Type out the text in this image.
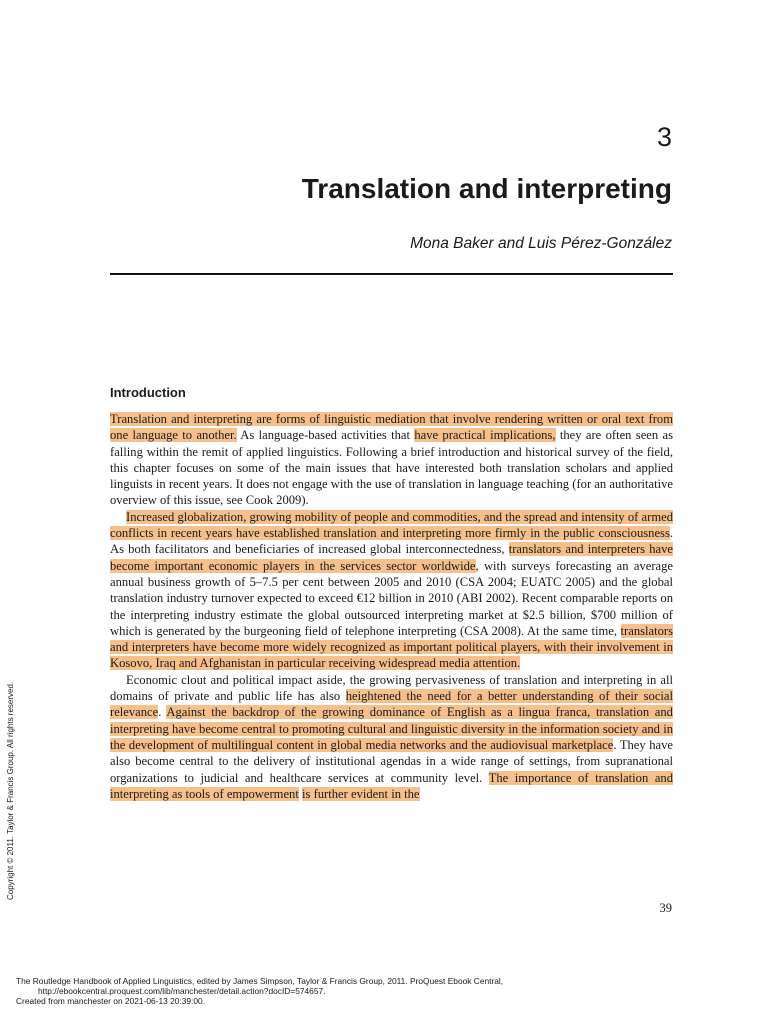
3
Translation and interpreting
Mona Baker and Luis Pérez-González
Introduction

Translation and interpreting are forms of linguistic mediation that involve rendering written or oral text from one language to another. As language-based activities that have practical implications, they are often seen as falling within the remit of applied linguistics. Following a brief introduction and historical survey of the field, this chapter focuses on some of the main issues that have interested both translation scholars and applied linguists in recent years. It does not engage with the use of translation in language teaching (for an authoritative overview of this issue, see Cook 2009).

Increased globalization, growing mobility of people and commodities, and the spread and intensity of armed conflicts in recent years have established translation and interpreting more firmly in the public consciousness. As both facilitators and beneficiaries of increased global interconnectedness, translators and interpreters have become important economic players in the services sector worldwide, with surveys forecasting an average annual business growth of 5–7.5 per cent between 2005 and 2010 (CSA 2004; EUATC 2005) and the global translation industry turnover expected to exceed €12 billion in 2010 (ABI 2002). Recent comparable reports on the interpreting industry estimate the global outsourced interpreting market at $2.5 billion, $700 million of which is generated by the burgeoning field of telephone interpreting (CSA 2008). At the same time, translators and interpreters have become more widely recognized as important political players, with their involvement in Kosovo, Iraq and Afghanistan in particular receiving widespread media attention.

Economic clout and political impact aside, the growing pervasiveness of translation and interpreting in all domains of private and public life has also heightened the need for a better understanding of their social relevance. Against the backdrop of the growing dominance of English as a lingua franca, translation and interpreting have become central to promoting cultural and linguistic diversity in the information society and in the development of multilingual content in global media networks and the audiovisual marketplace. They have also become central to the delivery of institutional agendas in a wide range of settings, from supranational organizations to judicial and healthcare services at community level. The importance of translation and interpreting as tools of empowerment is further evident in the

39
Copyright © 2011. Taylor & Francis Group. All rights reserved.
The Routledge Handbook of Applied Linguistics, edited by James Simpson, Taylor & Francis Group, 2011. ProQuest Ebook Central,
http://ebookcentral.proquest.com/lib/manchester/detail.action?docID=574657.
Created from manchester on 2021-06-13 20:39:00.
